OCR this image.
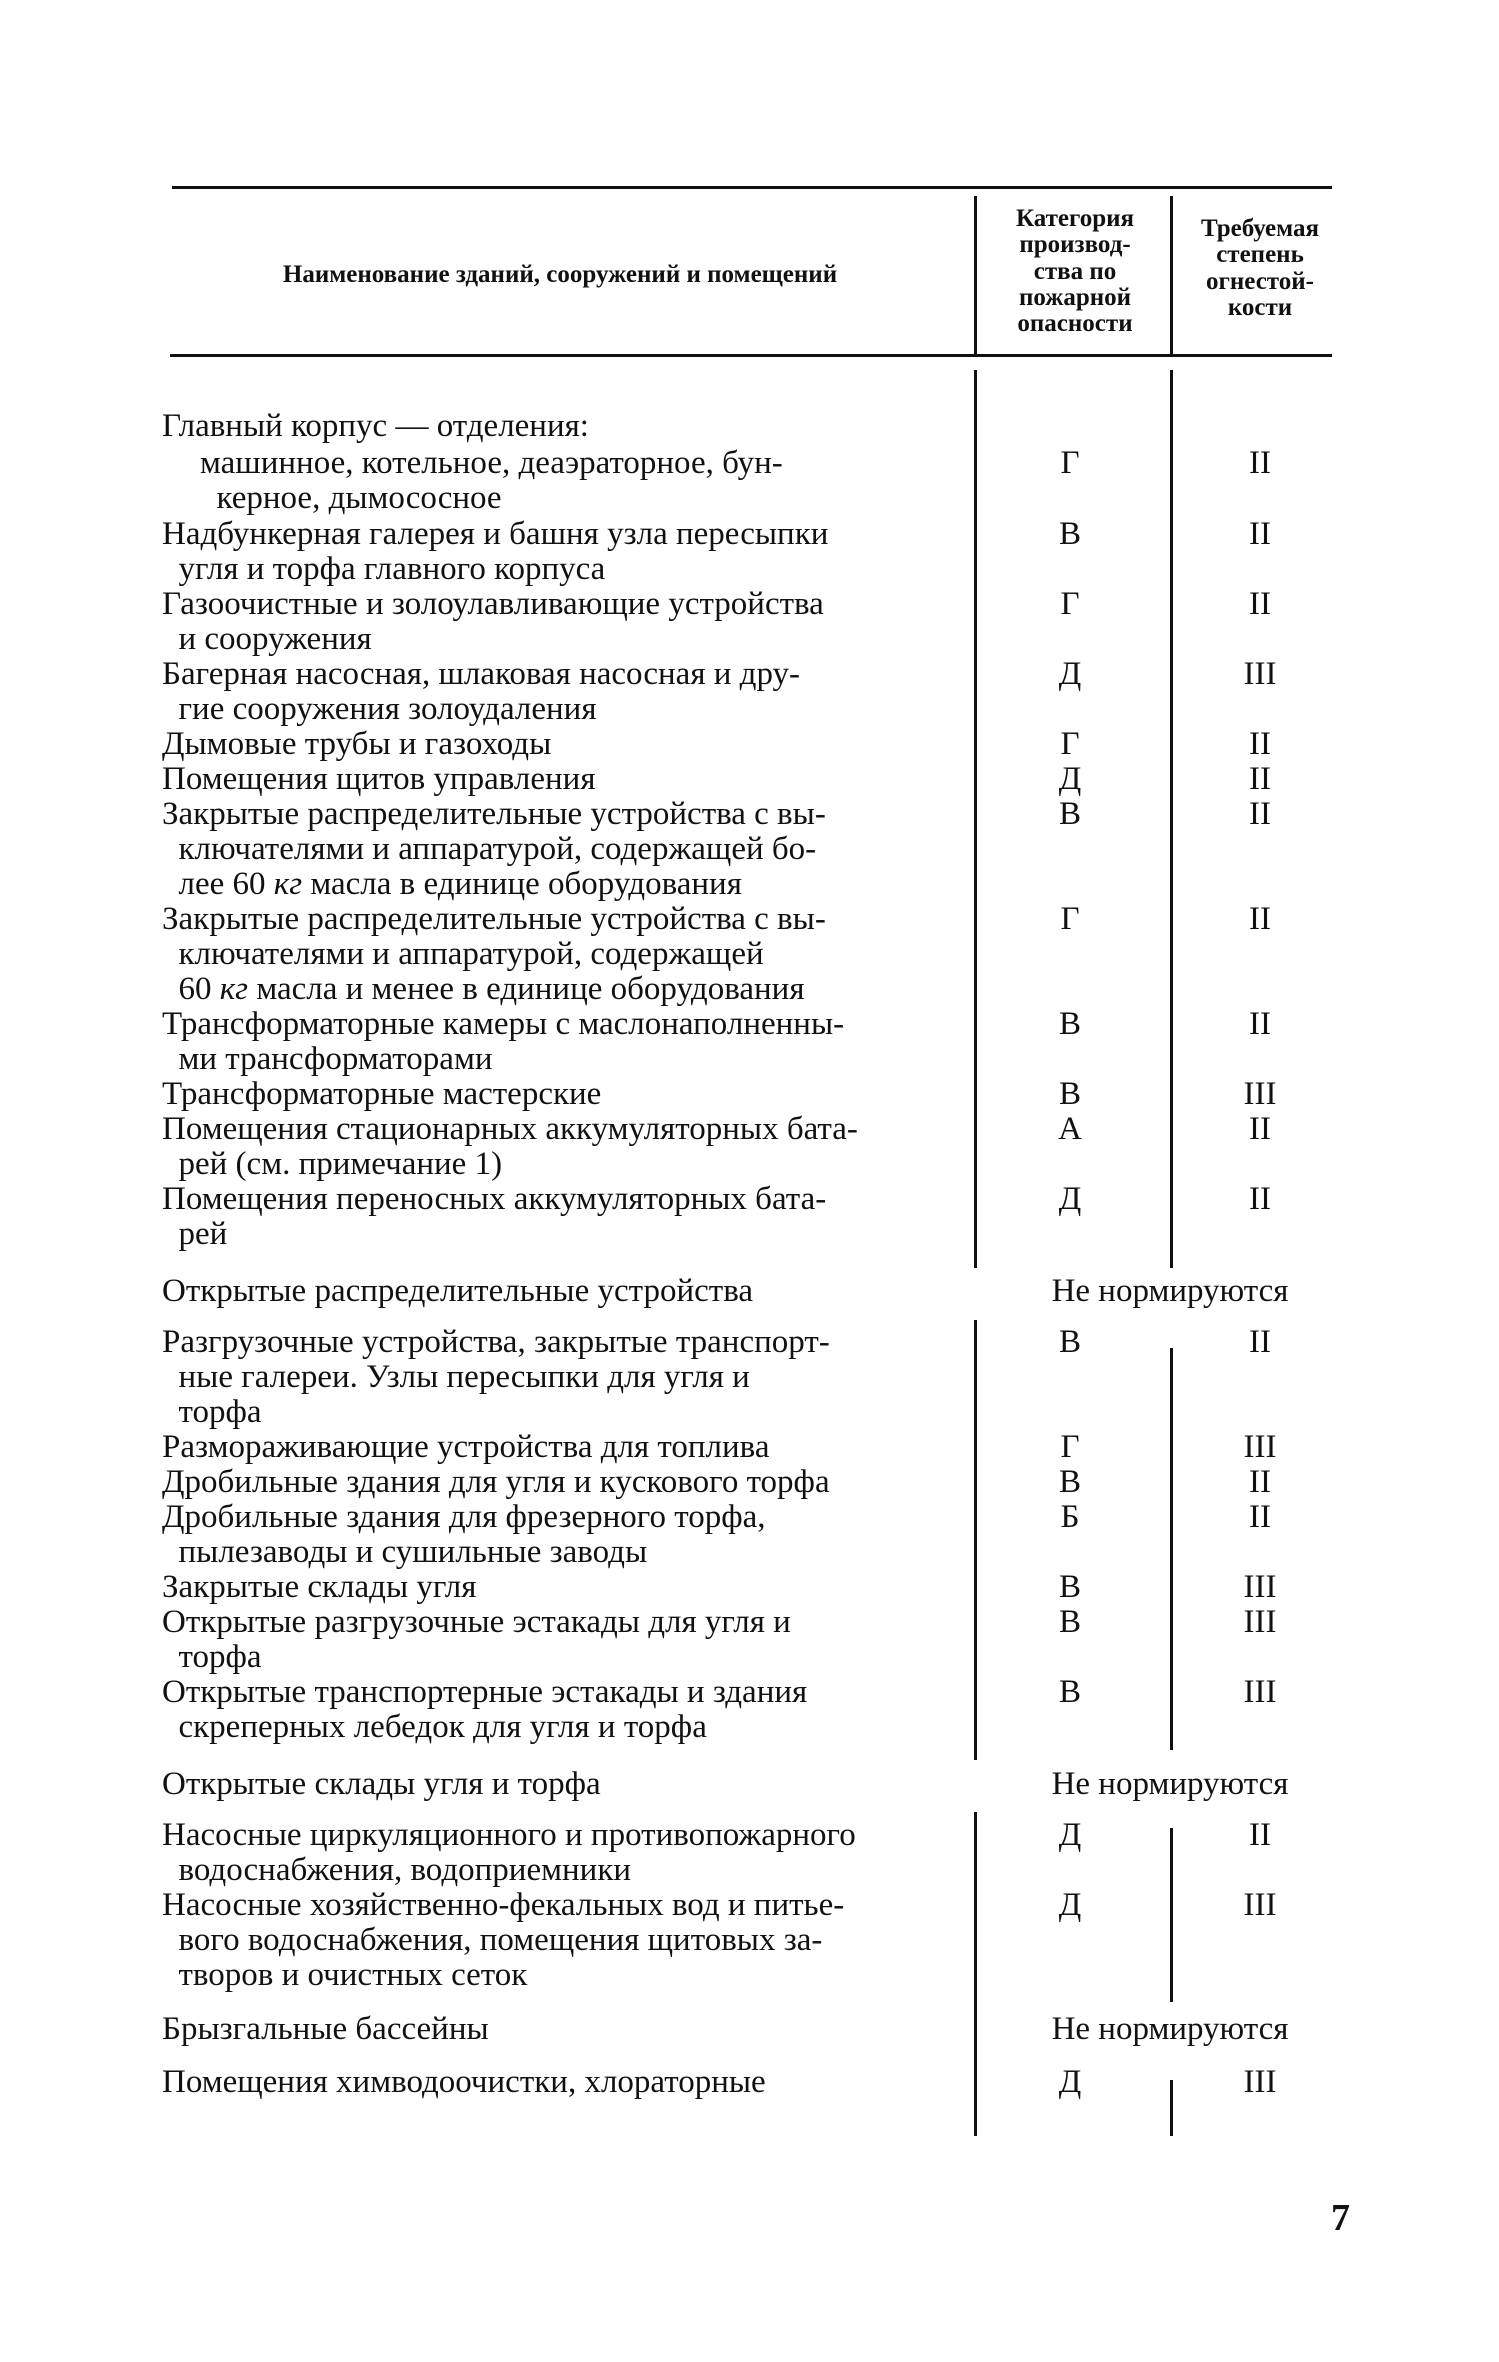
Наименование зданий, сооружений и помещений
Категория
производ-
ства по
пожарной
опасности
Требуемая
степень
огнестой-
кости
Главный корпус — отделения:
машинное, котельное, деаэраторное, бун-
керное, дымососное
Г	II
Надбункерная галерея и башня узла пересыпки
угля и торфа главного корпуса
В	II
Газоочистные и золоулавливающие устройства
и сооружения
Г	II
Багерная насосная, шлаковая насосная и дру-
гие сооружения золоудаления
Д	III
Дымовые трубы и газоходы	Г	II
Помещения щитов управления	Д	II
Закрытые распределительные устройства с вы-
ключателями и аппаратурой, содержащей бо-
лее 60 кг масла в единице оборудования
В	II
Закрытые распределительные устройства с вы-
ключателями и аппаратурой, содержащей
60 кг масла и менее в единице оборудования
Г	II
Трансформаторные камеры с маслонаполненны-
ми трансформаторами
В	II
Трансформаторные мастерские	В	III
Помещения стационарных аккумуляторных бата-
рей (см. примечание 1)
А	II
Помещения переносных аккумуляторных бата-
рей
Д	II
Открытые распределительные устройства	Не нормируются
Разгрузочные устройства, закрытые транспорт-
ные галереи. Узлы пересыпки для угля и
торфа
В	II
Размораживающие устройства для топлива	Г	III
Дробильные здания для угля и кускового торфа	В	II
Дробильные здания для фрезерного торфа,
пылезаводы и сушильные заводы
Б	II
Закрытые склады угля	В	III
Открытые разгрузочные эстакады для угля и
торфа
В	III
Открытые транспортерные эстакады и здания
скреперных лебедок для угля и торфа
В	III
Открытые склады угля и торфа	Не нормируются
Насосные циркуляционного и противопожарного
водоснабжения, водоприемники
Д	II
Насосные хозяйственно-фекальных вод и питье-
вого водоснабжения, помещения щитовых за-
творов и очистных сеток
Д	III
Брызгальные бассейны	Не нормируются
Помещения химводоочистки, хлораторные	Д	III
7
